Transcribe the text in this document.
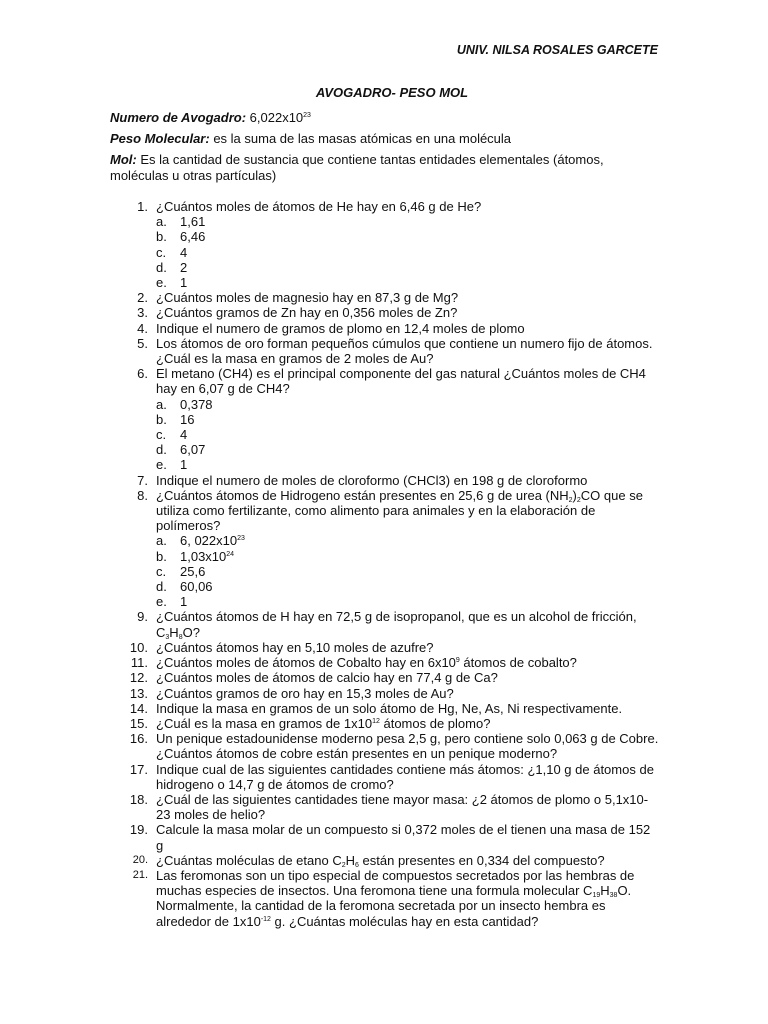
UNIV. NILSA ROSALES GARCETE
AVOGADRO- PESO MOL

Numero de Avogadro: $6,022x10^{23}$

Peso Molecular: es la suma de las masas atómicas en una molécula

Mol: Es la cantidad de sustancia que contiene tantas entidades elementales (átomos, moléculas u otras partículas)

1. ¿Cuántos moles de átomos de He hay en 6,46 g de He?
a. 1,61
b. 6,46
c. 4
d. 2
e. 1
2. ¿Cuántos moles de magnesio hay en 87,3 g de Mg?
3. ¿Cuántos gramos de Zn hay en 0,356 moles de Zn?
4. Indique el numero de gramos de plomo en 12,4 moles de plomo
5. Los átomos de oro forman pequeños cúmulos que contiene un numero fijo de átomos. ¿Cuál es la masa en gramos de 2 moles de Au?
6. El metano (CH4) es el principal componente del gas natural ¿Cuántos moles de CH4 hay en 6,07 g de CH4?
a. 0,378
b. 16
c. 4
d. 6,07
e. 1
7. Indique el numero de moles de cloroformo (CHCl3) en 198 g de cloroformo
8. ¿Cuántos átomos de Hidrogeno están presentes en 25,6 g de urea $(NH_2)_2CO$ que se utiliza como fertilizante, como alimento para animales y en la elaboración de polímeros?
a. 6, $022x10^{23}$
b. $1,03x10^{24}$
c. 25,6
d. 60,06
e. 1
9. ¿Cuántos átomos de H hay en 72,5 g de isopropanol, que es un alcohol de fricción, $C_3H_8O$?
10. ¿Cuántos átomos hay en 5,10 moles de azufre?
11. ¿Cuántos moles de átomos de Cobalto hay en $6x10^9$ átomos de cobalto?
12. ¿Cuántos moles de átomos de calcio hay en 77,4 g de Ca?
13. ¿Cuántos gramos de oro hay en 15,3 moles de Au?
14. Indique la masa en gramos de un solo átomo de Hg, Ne, As, Ni respectivamente.
15. ¿Cuál es la masa en gramos de $1x10^{12}$ átomos de plomo?
16. Un penique estadounidense moderno pesa 2,5 g, pero contiene solo 0,063 g de Cobre. ¿Cuántos átomos de cobre están presentes en un penique moderno?
17. Indique cual de las siguientes cantidades contiene más átomos: ¿1,10 g de átomos de hidrogeno o 14,7 g de átomos de cromo?
18. ¿Cuál de las siguientes cantidades tiene mayor masa: ¿2 átomos de plomo o 5,1x10-23 moles de helio?
19. Calcule la masa molar de un compuesto si 0,372 moles de el tienen una masa de 152 g
20. ¿Cuántas moléculas de etano $C_2H_6$ están presentes en 0,334 del compuesto?
21. Las feromonas son un tipo especial de compuestos secretados por las hembras de muchas especies de insectos. Una feromona tiene una formula molecular $C_{19}H_{38}O$. Normalmente, la cantidad de la feromona secretada por un insecto hembra es alrededor de $1x10^{-12}$ g. ¿Cuántas moléculas hay en esta cantidad?
